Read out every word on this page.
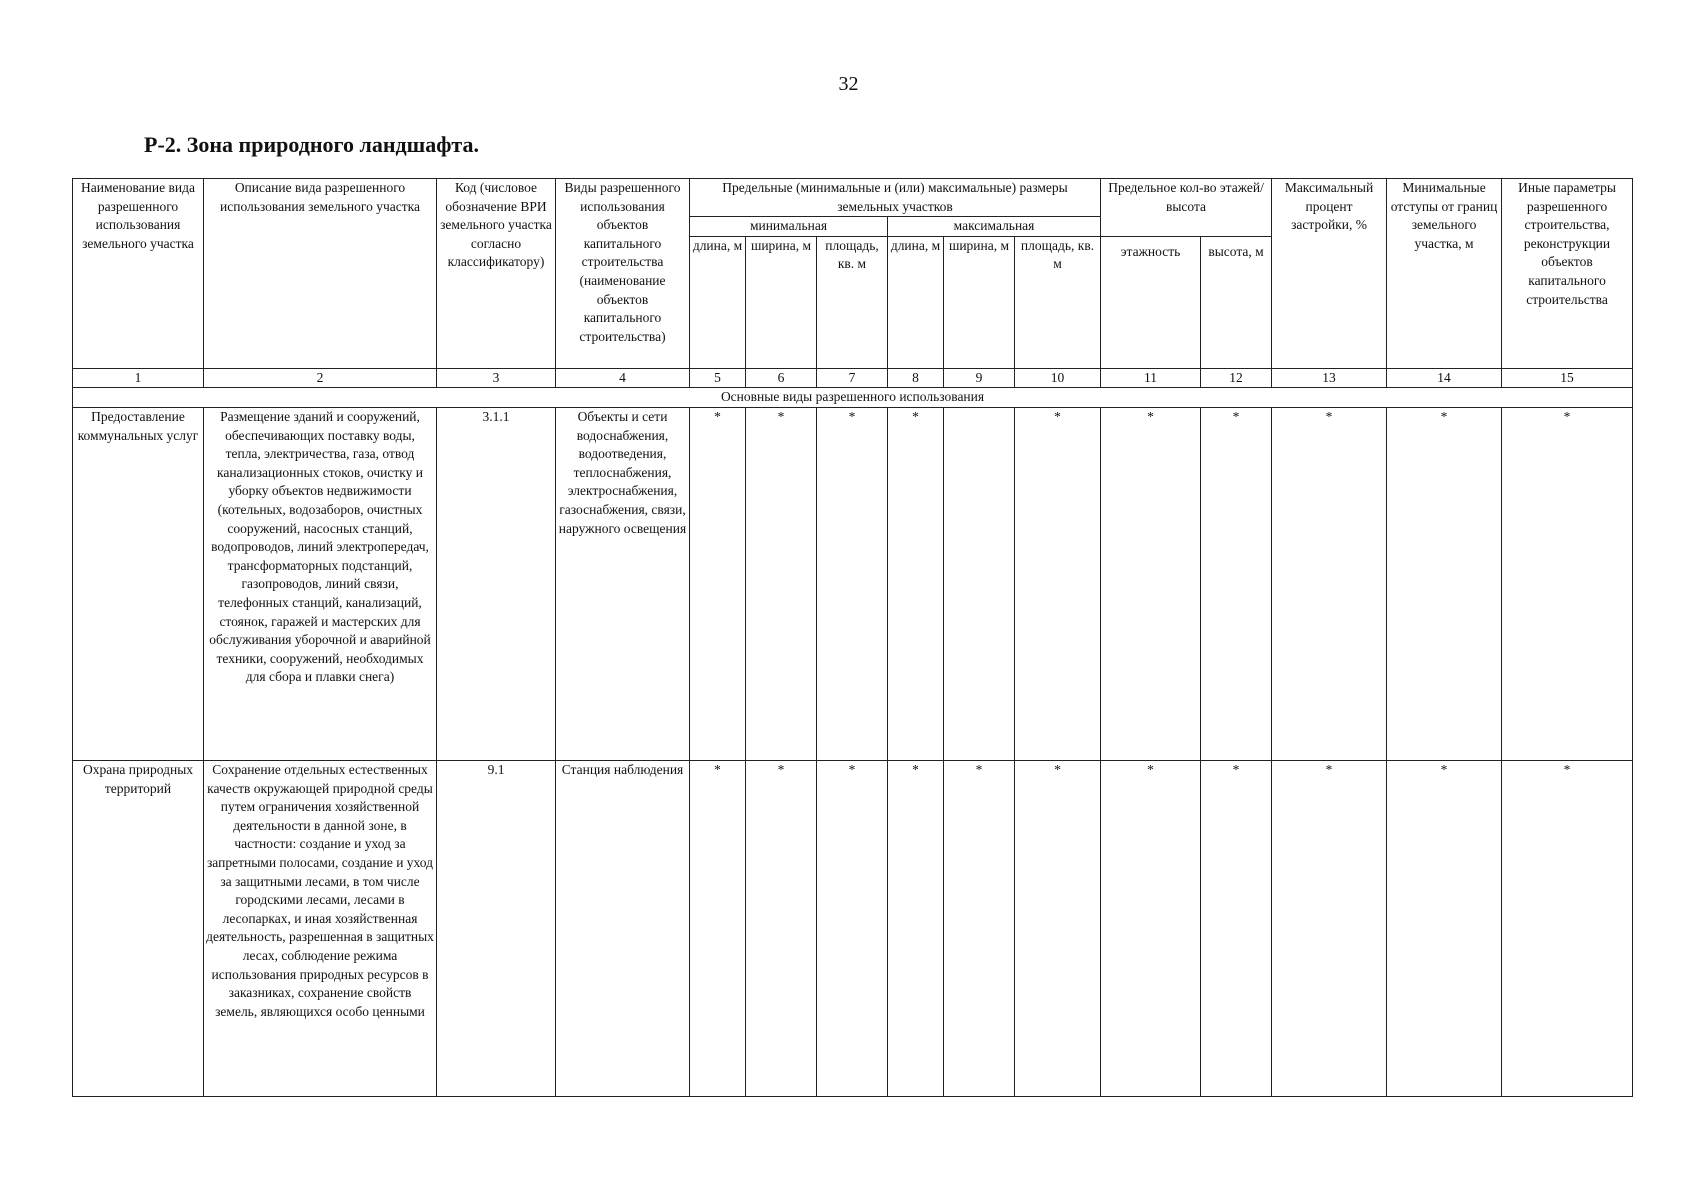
32
Р-2. Зона природного ландшафта.
Наименование вида разрешенного использования земельного участка	Описание вида разрешенного использования земельного участка	Код (числовое обозначение ВРИ земельного участка согласно классификатору)	Виды разрешенного использования объектов капитального строительства (наименование объектов капитального строительства)	Предельные (минимальные и (или) максимальные) размеры земельных участков						Предельное кол-во этажей/высота		Максимальный процент застройки, %	Минимальные отступы от границ земельного участка, м	Иные параметры разрешенного строительства, реконструкции объектов капитального строительства
				минимальная			максимальная							
				длина, м	ширина, м	площадь, кв. м	длина, м	ширина, м	площадь, кв. м	этажность	высота, м			
1	2	3	4	5	6	7	8	9	10	11	12	13	14	15
Основные виды разрешенного использования														
Предоставление коммунальных услуг	Размещение зданий и сооружений, обеспечивающих поставку воды, тепла, электричества, газа, отвод канализационных стоков, очистку и уборку объектов недвижимости (котельных, водозаборов, очистных сооружений, насосных станций, водопроводов, линий электропередач, трансформаторных подстанций, газопроводов, линий связи, телефонных станций, канализаций, стоянок, гаражей и мастерских для обслуживания уборочной и аварийной техники, сооружений, необходимых для сбора и плавки снега)	3.1.1	Объекты и сети водоснабжения, водоотведения, теплоснабжения, электроснабжения, газоснабжения, связи, наружного освещения	*	*	*	*		*	*	*	*	*	*
Охрана природных территорий	Сохранение отдельных естественных качеств окружающей природной среды путем ограничения хозяйственной деятельности в данной зоне, в частности: создание и уход за запретными полосами, создание и уход за защитными лесами, в том числе городскими лесами, лесами в лесопарках, и иная хозяйственная деятельность, разрешенная в защитных лесах, соблюдение режима использования природных ресурсов в заказниках, сохранение свойств земель, являющихся особо ценными	9.1	Станция наблюдения	*	*	*	*	*	*	*	*	*	*	*
